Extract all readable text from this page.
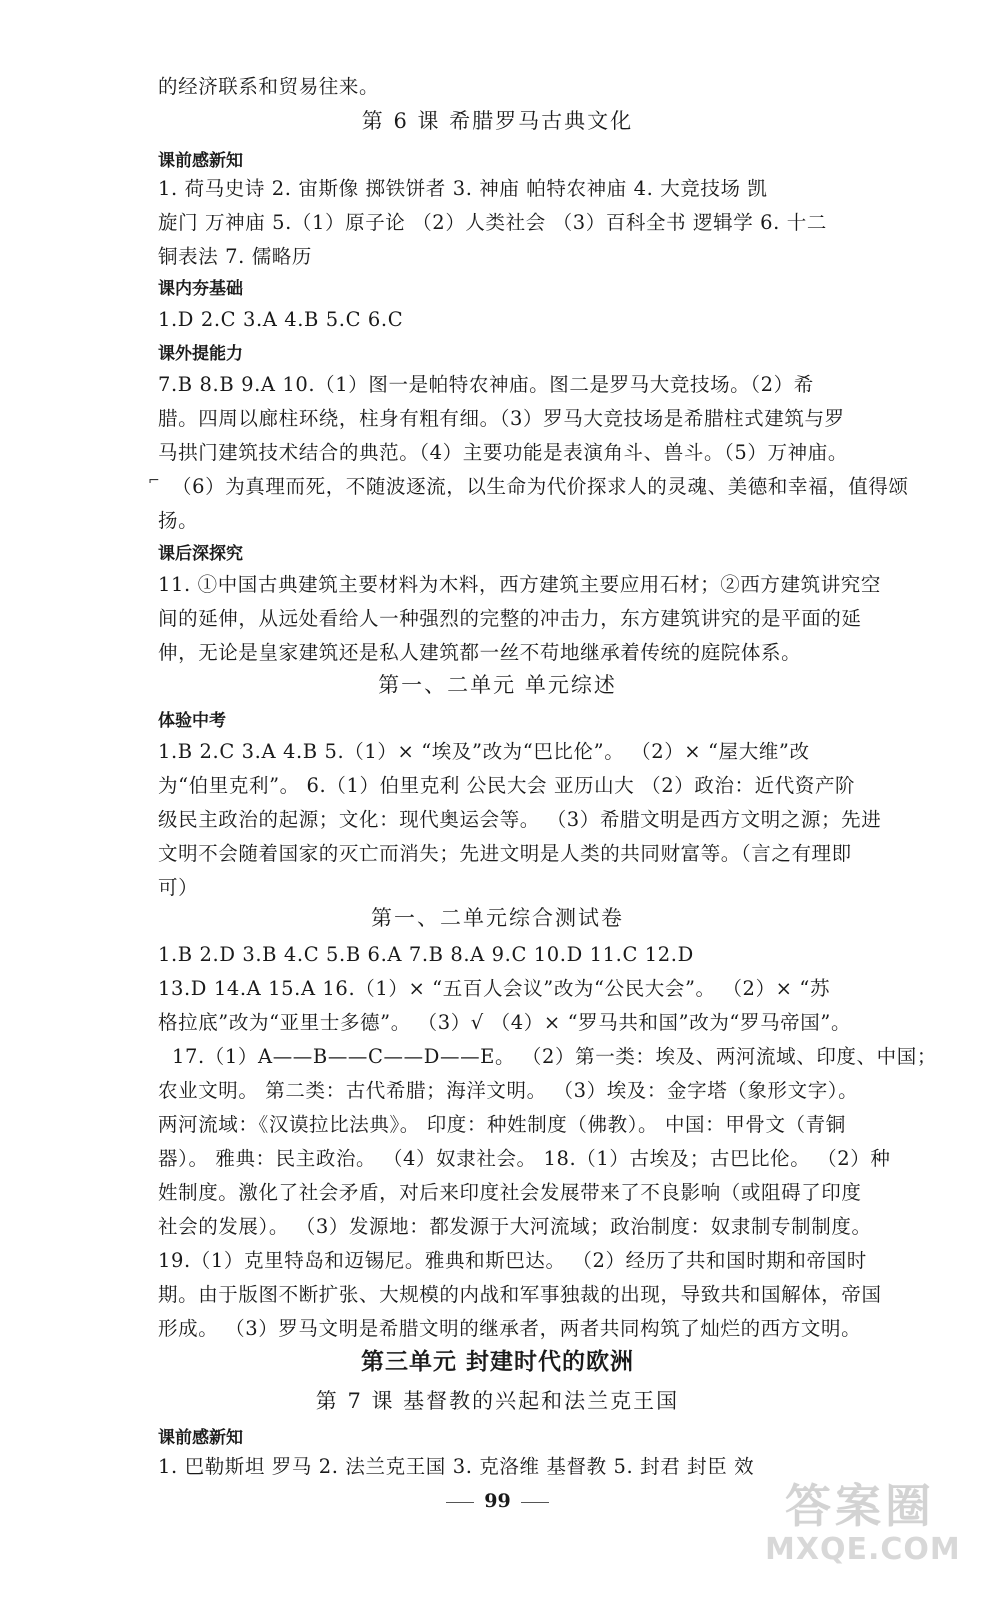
的经济联系和贸易往来。
第 6 课 希腊罗马古典文化
课前感新知
1. 荷马史诗 2. 宙斯像 掷铁饼者 3. 神庙 帕特农神庙 4. 大竞技场 凯
旋门 万神庙 5.（1）原子论 （2）人类社会 （3）百科全书 逻辑学 6. 十二
铜表法 7. 儒略历
课内夯基础
1.D 2.C 3.A 4.B 5.C 6.C
课外提能力
7.B 8.B 9.A 10.（1）图一是帕特农神庙。图二是罗马大竞技场。（2）希
腊。四周以廊柱环绕，柱身有粗有细。（3）罗马大竞技场是希腊柱式建筑与罗
马拱门建筑技术结合的典范。（4）主要功能是表演角斗、兽斗。（5）万神庙。
⌐ （6）为真理而死，不随波逐流，以生命为代价探求人的灵魂、美德和幸福，值得颂
扬。
课后深探究
11. ①中国古典建筑主要材料为木料，西方建筑主要应用石材；②西方建筑讲究空
间的延伸，从远处看给人一种强烈的完整的冲击力，东方建筑讲究的是平面的延
伸，无论是皇家建筑还是私人建筑都一丝不苟地继承着传统的庭院体系。
第一、二单元 单元综述
体验中考
1.B 2.C 3.A 4.B 5.（1）× “埃及”改为“巴比伦”。 （2）× “屋大维”改
为“伯里克利”。 6.（1）伯里克利 公民大会 亚历山大 （2）政治：近代资产阶
级民主政治的起源；文化：现代奥运会等。 （3）希腊文明是西方文明之源；先进
文明不会随着国家的灭亡而消失；先进文明是人类的共同财富等。（言之有理即
可）
第一、二单元综合测试卷
1.B 2.D 3.B 4.C 5.B 6.A 7.B 8.A 9.C 10.D 11.C 12.D
13.D 14.A 15.A 16.（1）× “五百人会议”改为“公民大会”。 （2）× “苏
格拉底”改为“亚里士多德”。 （3）√ （4）× “罗马共和国”改为“罗马帝国”。
17.（1）A——B——C——D——E。 （2）第一类：埃及、两河流域、印度、中国；
农业文明。 第二类：古代希腊；海洋文明。 （3）埃及：金字塔（象形文字）。
两河流域：《汉谟拉比法典》。 印度：种姓制度（佛教）。 中国：甲骨文（青铜
器）。 雅典：民主政治。 （4）奴隶社会。 18.（1）古埃及；古巴比伦。 （2）种
姓制度。激化了社会矛盾，对后来印度社会发展带来了不良影响（或阻碍了印度
社会的发展）。 （3）发源地：都发源于大河流域；政治制度：奴隶制专制制度。
19.（1）克里特岛和迈锡尼。雅典和斯巴达。 （2）经历了共和国时期和帝国时
期。由于版图不断扩张、大规模的内战和军事独裁的出现，导致共和国解体，帝国
形成。 （3）罗马文明是希腊文明的继承者，两者共同构筑了灿烂的西方文明。
第三单元 封建时代的欧洲
第 7 课 基督教的兴起和法兰克王国
课前感新知
1. 巴勒斯坦 罗马 2. 法兰克王国 3. 克洛维 基督教 5. 封君 封臣 效
99	答案圈
MXQE.COM
